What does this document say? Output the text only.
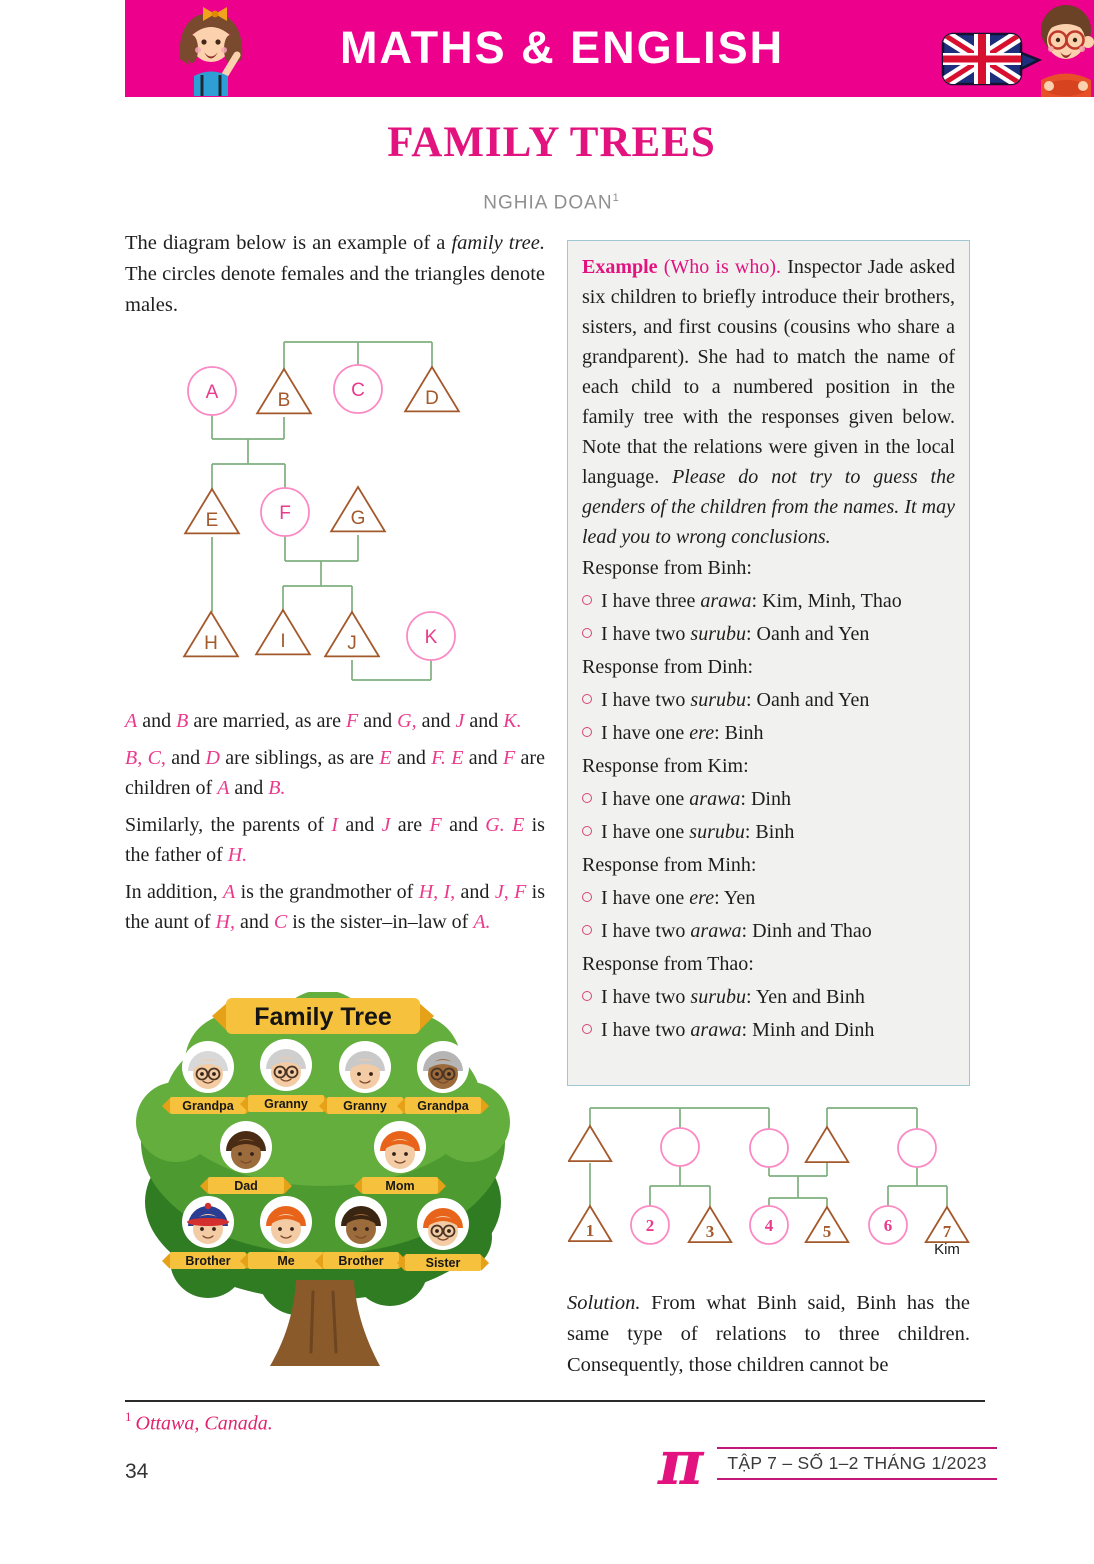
MATHS & ENGLISH
FAMILY TREES
NGHIA DOAN$^1$

The diagram below is an example of a family tree. The circles denote females and the triangles denote males.

A	B	C	D
E	F	G
H	I	J	K

A and B are married, as are F and G, and J and K.

B, C, and D are siblings, as are E and F. E and F are children of A and B.

Similarly, the parents of I and J are F and G. E is the father of H.

In addition, A is the grandmother of H, I, and J, F is the aunt of H, and C is the sister–in–law of A.

Family Tree
Grandpa Granny	Granny Grandpa
Dad	Mom
Brother	Me	Brother	Sister

Example (Who is who). Inspector Jade asked six children to briefly introduce their brothers, sisters, and first cousins (cousins who share a grandparent). She had to match the name of each child to a numbered position in the family tree with the responses given below. Note that the relations were given in the local language. Please do not try to guess the genders of the children from the names. It may lead you to wrong conclusions.

Response from Binh:
I have three arawa: Kim, Minh, Thao
I have two surubu: Oanh and Yen
Response from Dinh:
I have two surubu: Oanh and Yen
I have one ere: Binh
Response from Kim:
I have one arawa: Dinh
I have one surubu: Binh
Response from Minh:
I have one ere: Yen
I have two arawa: Dinh and Thao
Response from Thao:
I have two surubu: Yen and Binh
I have two arawa: Minh and Dinh
1	2	3	4	5	6	7
Kim

Solution. From what Binh said, Binh has the same type of relations to three children. Consequently, those children cannot be

$^1$ Ottawa, Canada.
34	π	TẬP 7 – SỐ 1–2 THÁNG 1/2023
